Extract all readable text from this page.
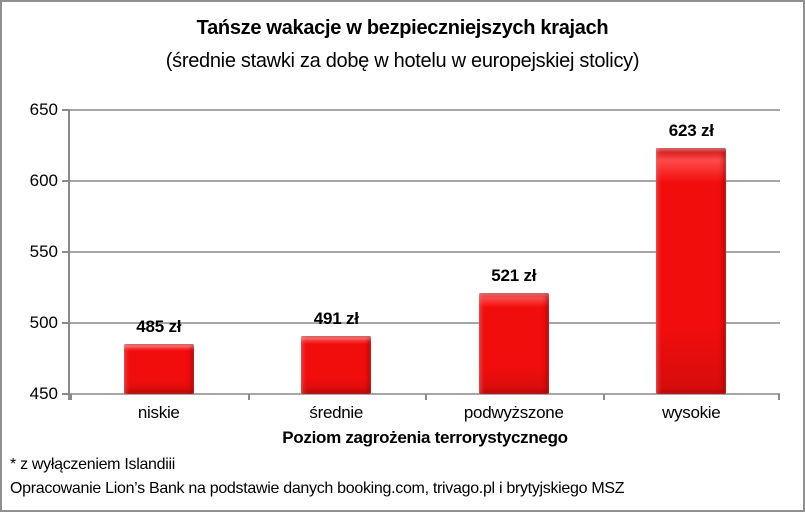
Tańsze wakacje w bezpieczniejszych krajach
(średnie stawki za dobę w hotelu w europejskiej stolicy)
650
600
550
500
450
485 zł
niskie
491 zł
średnie
521 zł
podwyższone
623 zł
wysokie
Poziom zagrożenia terrorystycznego
* z wyłączeniem Islandiii
Opracowanie Lion’s Bank na podstawie danych booking.com, trivago.pl i brytyjskiego MSZ
